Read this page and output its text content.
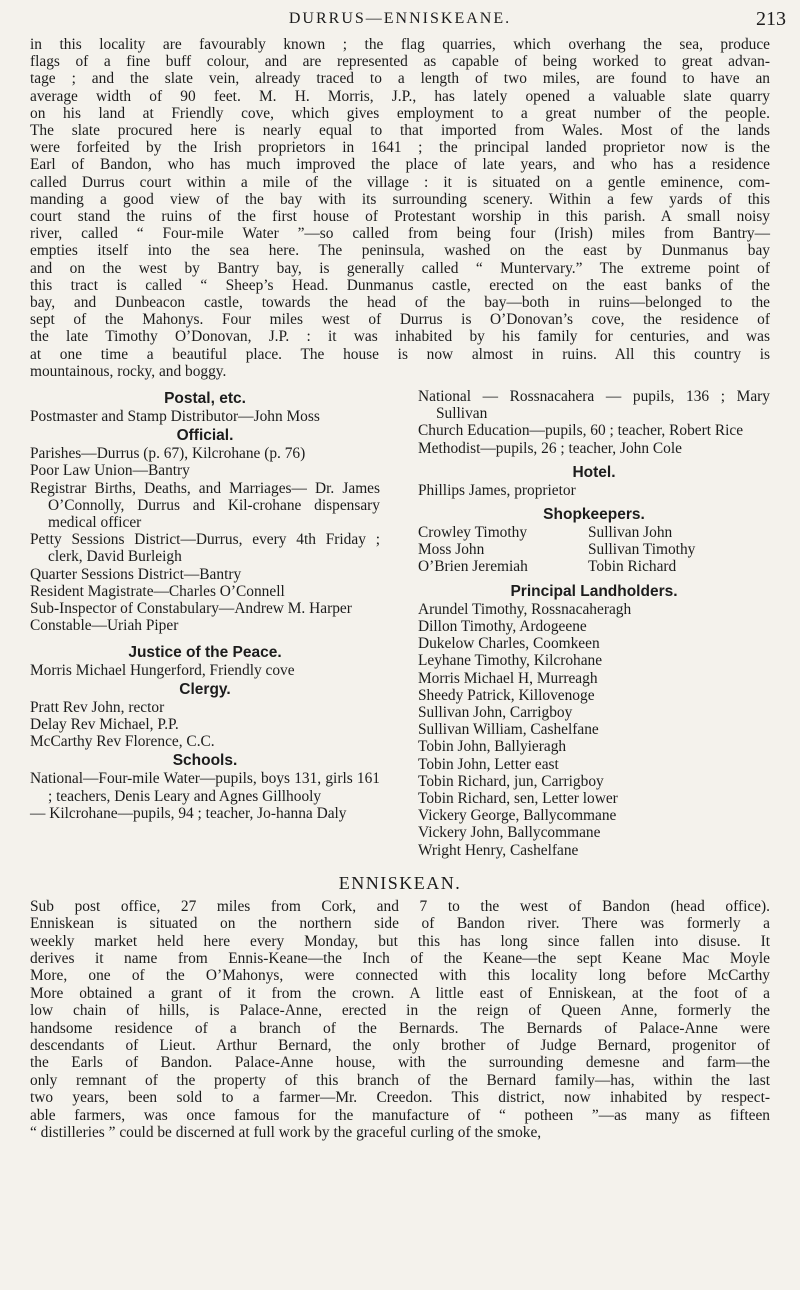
DURRUS—ENNISKEANE.	213
in this locality are favourably known ; the flag quarries, which overhang the sea, produce
flags of a fine buff colour, and are represented as capable of being worked to great advan-
tage ; and the slate vein, already traced to a length of two miles, are found to have an
average width of 90 feet. M. H. Morris, J.P., has lately opened a valuable slate quarry
on his land at Friendly cove, which gives employment to a great number of the people.
The slate procured here is nearly equal to that imported from Wales. Most of the lands
were forfeited by the Irish proprietors in 1641 ; the principal landed proprietor now is the
Earl of Bandon, who has much improved the place of late years, and who has a residence
called Durrus court within a mile of the village : it is situated on a gentle eminence, com-
manding a good view of the bay with its surrounding scenery. Within a few yards of this
court stand the ruins of the first house of Protestant worship in this parish. A small noisy
river, called “ Four-mile Water ”—so called from being four (Irish) miles from Bantry—
empties itself into the sea here. The peninsula, washed on the east by Dunmanus bay
and on the west by Bantry bay, is generally called “ Muntervary.” The extreme point of
this tract is called “ Sheep’s Head. Dunmanus castle, erected on the east banks of the
bay, and Dunbeacon castle, towards the head of the bay—both in ruins—belonged to the
sept of the Mahonys. Four miles west of Durrus is O’Donovan’s cove, the residence of
the late Timothy O’Donovan, J.P. : it was inhabited by his family for centuries, and was
at one time a beautiful place. The house is now almost in ruins. All this country is
mountainous, rocky, and boggy.
Postal, etc.
Postmaster and Stamp Distributor—John Moss
Official.
Parishes—Durrus (p. 67), Kilcrohane (p. 76)
Poor Law Union—Bantry
Registrar Births, Deaths, and Marriages— Dr. James O’Connolly, Durrus and Kil-crohane dispensary medical officer
Petty Sessions District—Durrus, every 4th Friday ; clerk, David Burleigh
Quarter Sessions District—Bantry
Resident Magistrate—Charles O’Connell
Sub-Inspector of Constabulary—Andrew M. Harper
Constable—Uriah Piper
Justice of the Peace.
Morris Michael Hungerford, Friendly cove
Clergy.
Pratt Rev John, rector
Delay Rev Michael, P.P.
McCarthy Rev Florence, C.C.
Schools.
National—Four-mile Water—pupils, boys 131, girls 161 ; teachers, Denis Leary and Agnes Gillhooly
— Kilcrohane—pupils, 94 ; teacher, Jo-hanna Daly
National — Rossnacahera — pupils, 136 ; Mary Sullivan
Church Education—pupils, 60 ; teacher, Robert Rice
Methodist—pupils, 26 ; teacher, John Cole
Hotel.
Phillips James, proprietor
Shopkeepers.
Crowley Timothy	Sullivan John
Moss John	Sullivan Timothy
O’Brien Jeremiah	Tobin Richard
Principal Landholders.
Arundel Timothy, Rossnacaheragh
Dillon Timothy, Ardogeene
Dukelow Charles, Coomkeen
Leyhane Timothy, Kilcrohane
Morris Michael H, Murreagh
Sheedy Patrick, Killovenoge
Sullivan John, Carrigboy
Sullivan William, Cashelfane
Tobin John, Ballyieragh
Tobin John, Letter east
Tobin Richard, jun, Carrigboy
Tobin Richard, sen, Letter lower
Vickery George, Ballycommane
Vickery John, Ballycommane
Wright Henry, Cashelfane
ENNISKEAN.
Sub post office, 27 miles from Cork, and 7 to the west of Bandon (head office).
Enniskean is situated on the northern side of Bandon river. There was formerly a
weekly market held here every Monday, but this has long since fallen into disuse. It
derives it name from Ennis-Keane—the Inch of the Keane—the sept Keane Mac Moyle
More, one of the O’Mahonys, were connected with this locality long before McCarthy
More obtained a grant of it from the crown. A little east of Enniskean, at the foot of a
low chain of hills, is Palace-Anne, erected in the reign of Queen Anne, formerly the
handsome residence of a branch of the Bernards. The Bernards of Palace-Anne were
descendants of Lieut. Arthur Bernard, the only brother of Judge Bernard, progenitor of
the Earls of Bandon. Palace-Anne house, with the surrounding demesne and farm—the
only remnant of the property of this branch of the Bernard family—has, within the last
two years, been sold to a farmer—Mr. Creedon. This district, now inhabited by respect-
able farmers, was once famous for the manufacture of “ potheen ”—as many as fifteen
“ distilleries ” could be discerned at full work by the graceful curling of the smoke,
